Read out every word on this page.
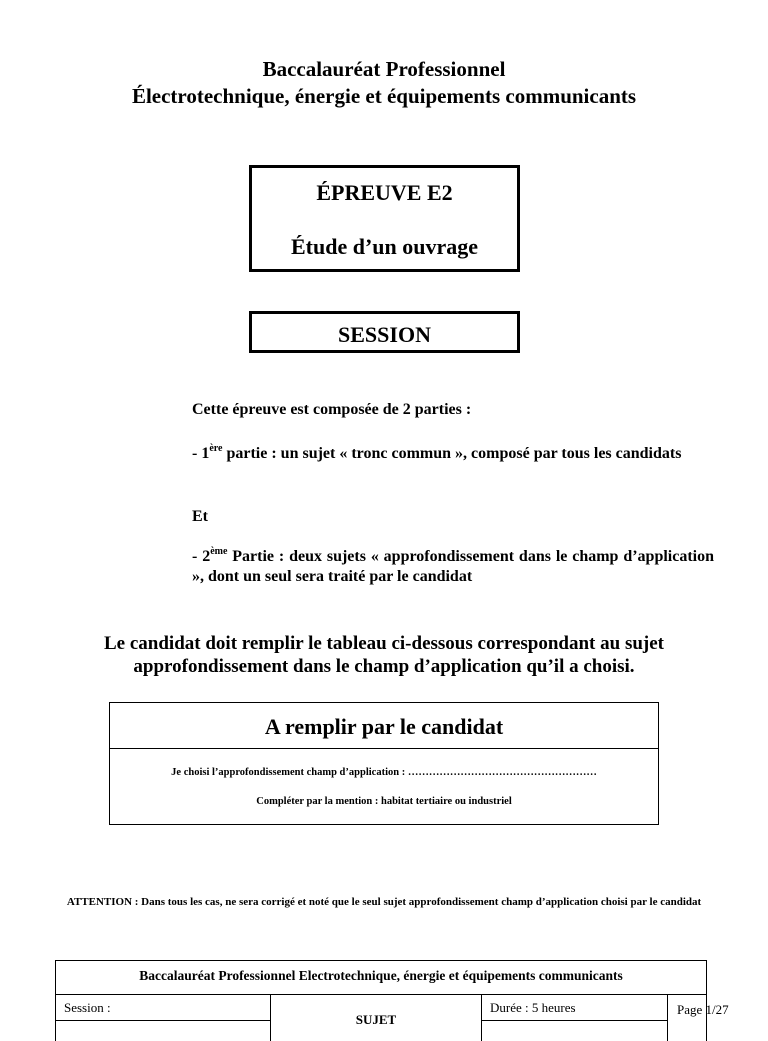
Baccalauréat Professionnel
Électrotechnique, énergie et équipements communicants
ÉPREUVE E2
Étude d’un ouvrage
SESSION
Cette épreuve est composée de 2 parties :
- 1ère partie : un sujet « tronc commun », composé par tous les candidats
Et
- 2ème Partie : deux sujets « approfondissement dans le champ d’application », dont un seul sera traité par le candidat
Le candidat doit remplir le tableau ci-dessous correspondant au sujet approfondissement dans le champ d’application qu’il a choisi.
A remplir par le candidat
Je choisi l’approfondissement champ d’application : ………………………………………………
Compléter par la mention : habitat tertiaire ou industriel
ATTENTION : Dans tous les cas, ne sera corrigé et noté que le seul sujet approfondissement champ d’application choisi par le candidat
Baccalauréat Professionnel Electrotechnique, énergie et équipements communicants
Session :
SUJET
Durée : 5 heures	Page 1/27
